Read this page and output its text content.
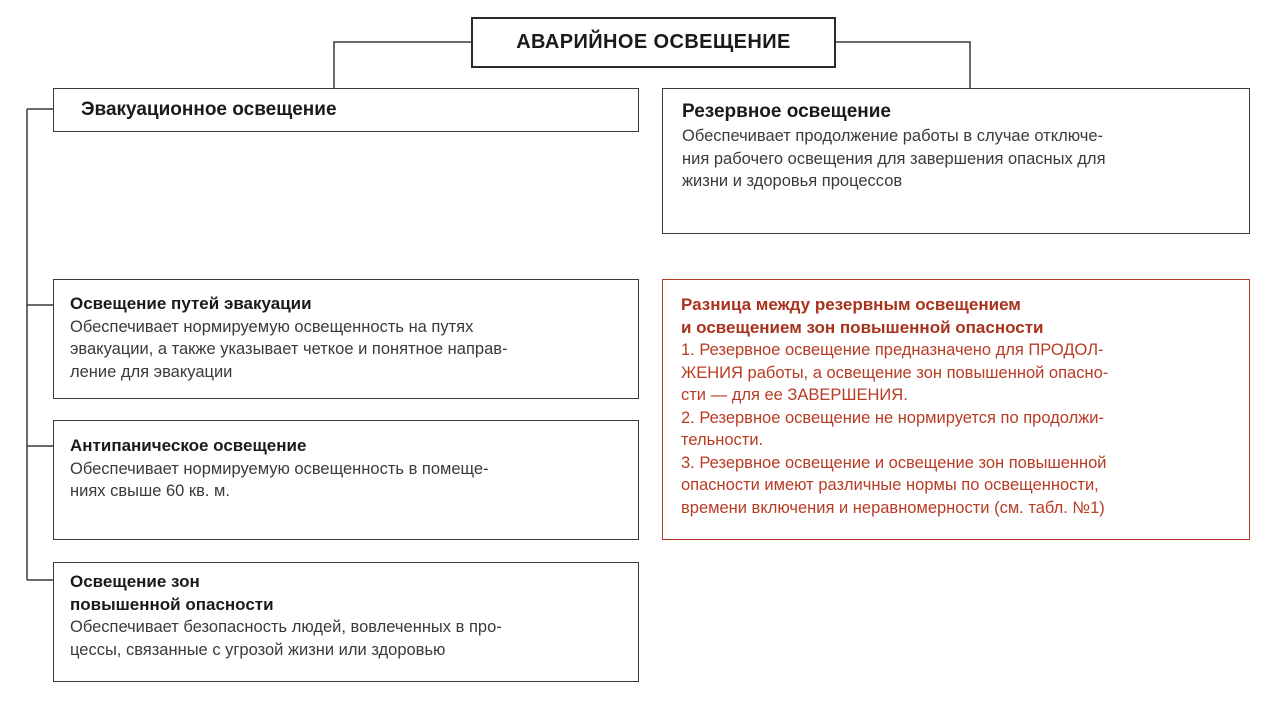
АВАРИЙНОЕ ОСВЕЩЕНИЕ
Эвакуационное освещение	Резервное освещение

Обеспечивает продолжение работы в случае отключе-

ния рабочего освещения для завершения опасных для

жизни и здоровья процессов

Освещение путей эвакуации

Обеспечивает нормируемую освещенность на путях

эвакуации, а также указывает четкое и понятное направ-

ление для эвакуации

Антипаническое освещение

Обеспечивает нормируемую освещенность в помеще-

ниях свыше 60 кв. м.

Освещение зон

повышенной опасности

Обеспечивает безопасность людей, вовлеченных в про-

цессы, связанные с угрозой жизни или здоровью

Разница между резервным освещением

и освещением зон повышенной опасности

1. Резервное освещение предназначено для ПРОДОЛ-

ЖЕНИЯ работы, а освещение зон повышенной опасно-

сти — для ее ЗАВЕРШЕНИЯ.

2. Резервное освещение не нормируется по продолжи-

тельности.

3. Резервное освещение и освещение зон повышенной

опасности имеют различные нормы по освещенности,

времени включения и неравномерности (см. табл. №1)
